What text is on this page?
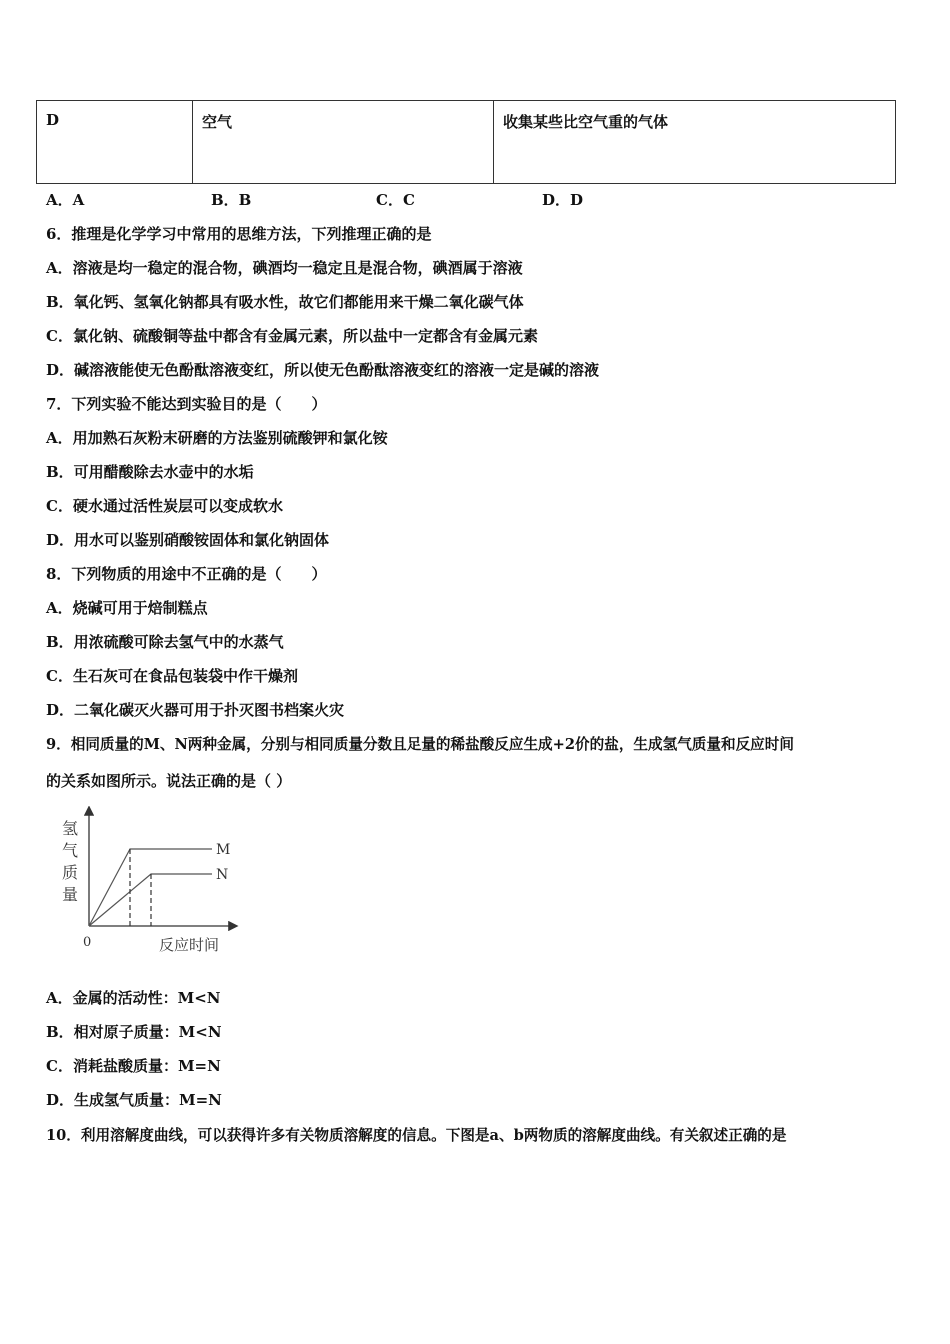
D	空气	收集某些比空气重的气体
A．A	B．B	C．C	D．D
6．推理是化学学习中常用的思维方法，下列推理正确的是
A．溶液是均一稳定的混合物，碘酒均一稳定且是混合物，碘酒属于溶液
B．氧化钙、氢氧化钠都具有吸水性，故它们都能用来干燥二氧化碳气体
C．氯化钠、硫酸铜等盐中都含有金属元素，所以盐中一定都含有金属元素
D．碱溶液能使无色酚酞溶液变红，所以使无色酚酞溶液变红的溶液一定是碱的溶液
7．下列实验不能达到实验目的是（　　）
A．用加熟石灰粉末研磨的方法鉴别硫酸钾和氯化铵
B．可用醋酸除去水壶中的水垢
C．硬水通过活性炭层可以变成软水
D．用水可以鉴别硝酸铵固体和氯化钠固体
8．下列物质的用途中不正确的是（　　）
A．烧碱可用于焙制糕点
B．用浓硫酸可除去氢气中的水蒸气
C．生石灰可在食品包装袋中作干燥剂
D．二氧化碳灭火器可用于扑灭图书档案火灾
9．相同质量的M、N两种金属，分别与相同质量分数且足量的稀盐酸反应生成+2价的盐，生成氢气质量和反应时间
的关系如图所示。说法正确的是（ ）
氢
气
质
量
M
N
0	反应时间
A．金属的活动性：M<N
B．相对原子质量：M<N
C．消耗盐酸质量：M=N
D．生成氢气质量：M=N
10．利用溶解度曲线，可以获得许多有关物质溶解度的信息。下图是a、b两物质的溶解度曲线。有关叙述正确的是
